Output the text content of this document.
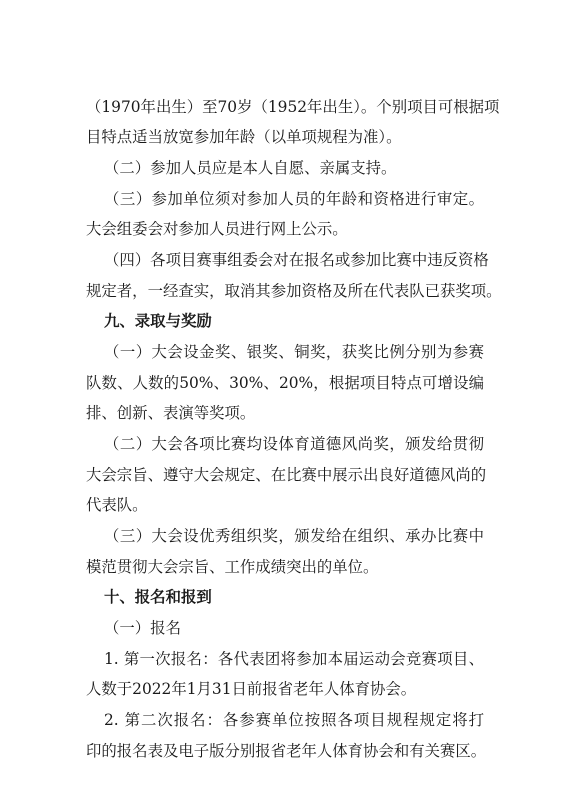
（1970年出生）至70岁（1952年出生）。个别项目可根据项
目特点适当放宽参加年龄（以单项规程为准）。
（二）参加人员应是本人自愿、亲属支持。
（三）参加单位须对参加人员的年龄和资格进行审定。
大会组委会对参加人员进行网上公示。
（四）各项目赛事组委会对在报名或参加比赛中违反资格
规定者，一经查实，取消其参加资格及所在代表队已获奖项。
九、录取与奖励
（一）大会设金奖、银奖、铜奖，获奖比例分别为参赛
队数、人数的50%、30%、20%，根据项目特点可增设编
排、创新、表演等奖项。
（二）大会各项比赛均设体育道德风尚奖，颁发给贯彻
大会宗旨、遵守大会规定、在比赛中展示出良好道德风尚的
代表队。
（三）大会设优秀组织奖，颁发给在组织、承办比赛中
模范贯彻大会宗旨、工作成绩突出的单位。
十、报名和报到
（一）报名
1. 第一次报名：各代表团将参加本届运动会竞赛项目、
人数于2022年1月31日前报省老年人体育协会。
2. 第二次报名：各参赛单位按照各项目规程规定将打
印的报名表及电子版分别报省老年人体育协会和有关赛区。
